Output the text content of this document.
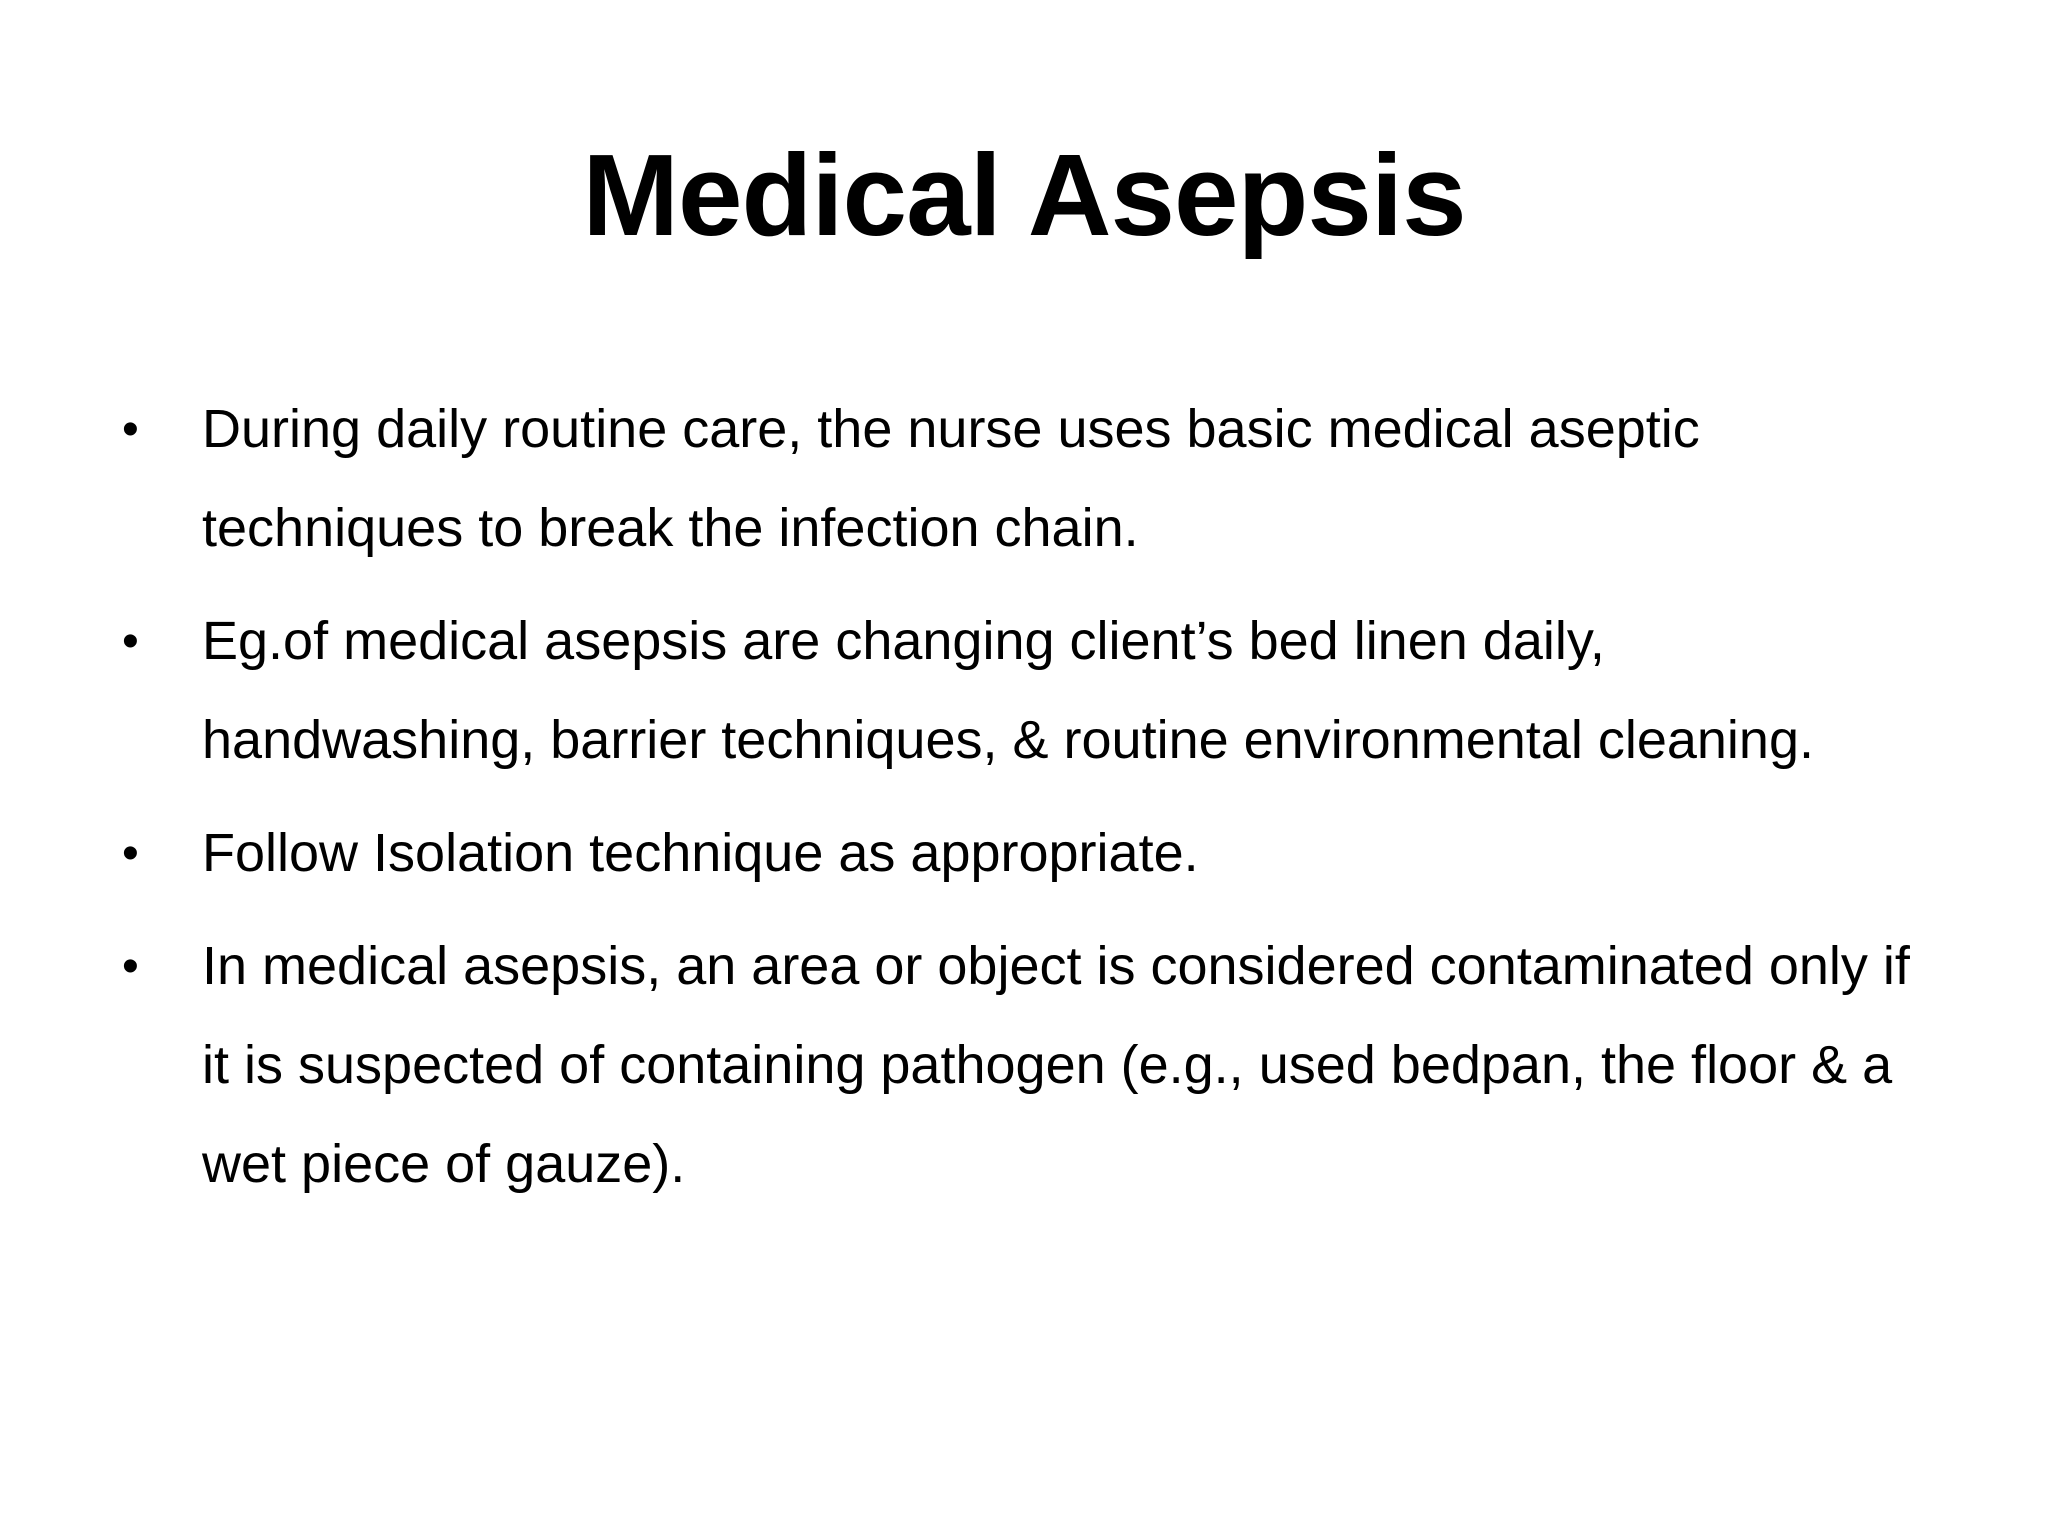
Medical Asepsis
• During daily routine care, the nurse uses basic medical aseptic techniques to break the infection chain.
• Eg.of medical asepsis are changing client’s bed linen daily, handwashing, barrier techniques, & routine environmental cleaning.
• Follow Isolation technique as appropriate.
• In medical asepsis, an area or object is considered contaminated only if it is suspected of containing pathogen (e.g., used bedpan, the floor & a wet piece of gauze).
